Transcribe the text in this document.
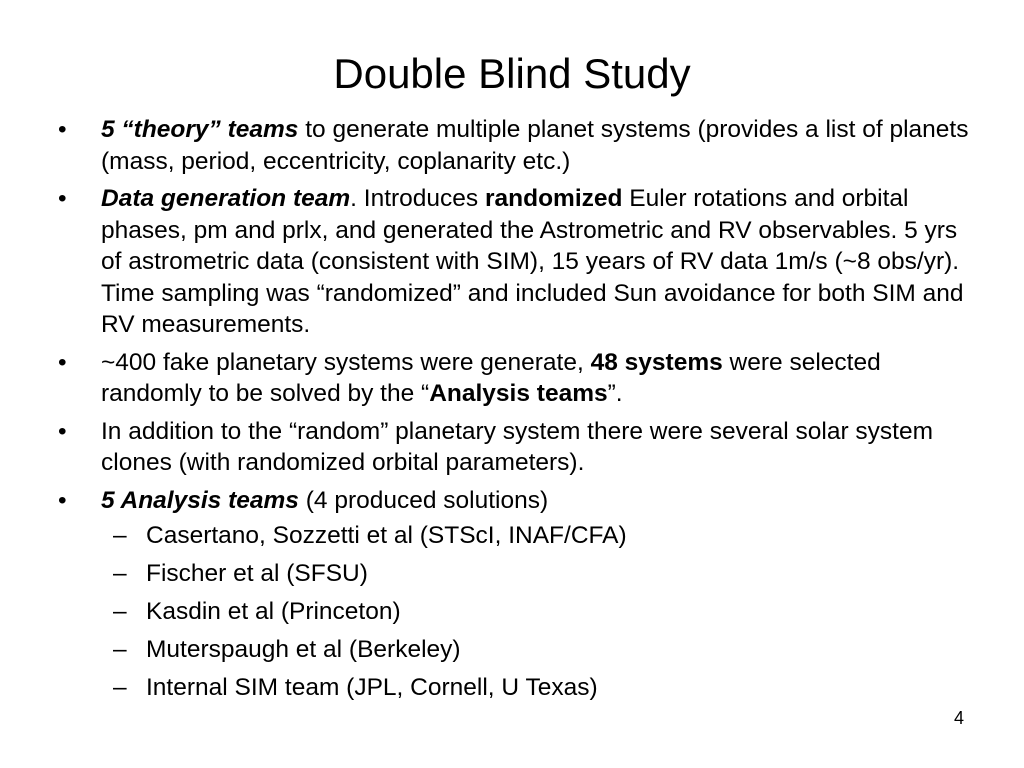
Double Blind Study
•	5 “theory” teams to generate multiple planet systems (provides a list of planets (mass, period, eccentricity, coplanarity etc.)
•	Data generation team. Introduces randomized Euler rotations and orbital phases, pm and prlx, and generated the Astrometric and RV observables. 5 yrs of astrometric data (consistent with SIM), 15 years of RV data 1m/s (~8 obs/yr). Time sampling was “randomized” and included Sun avoidance for both SIM and RV measurements.
•	~400 fake planetary systems were generate, 48 systems were selected randomly to be solved by the “Analysis teams”.
•	In addition to the “random” planetary system there were several solar system clones (with randomized orbital parameters).
•	5 Analysis teams (4 produced solutions)
– Casertano, Sozzetti et al (STScI, INAF/CFA)
– Fischer et al (SFSU)
– Kasdin et al (Princeton)
– Muterspaugh et al (Berkeley)
– Internal SIM team (JPL, Cornell, U Texas)
4
